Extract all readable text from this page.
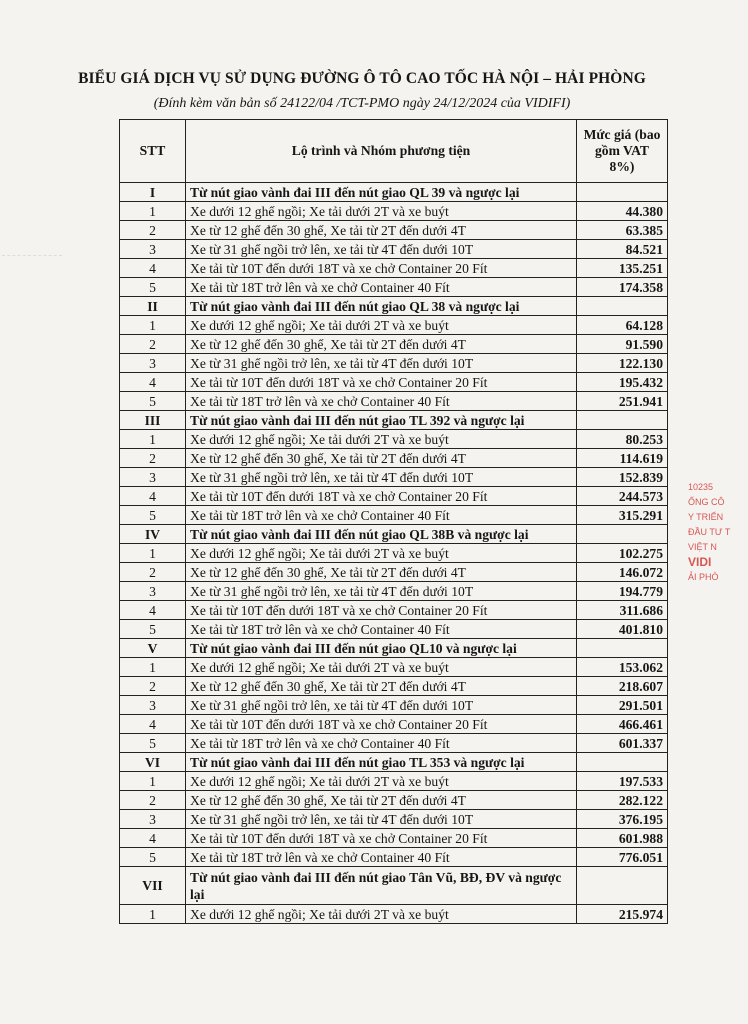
BIỂU GIÁ DỊCH VỤ SỬ DỤNG ĐƯỜNG Ô TÔ CAO TỐC HÀ NỘI – HẢI PHÒNG
(Đính kèm văn bản số 24122/04 /TCT-PMO ngày 24/12/2024 của VIDIFI)
STT	Lộ trình và Nhóm phương tiện	Mức giá (bao gồm VAT 8%)
I	Từ nút giao vành đai III đến nút giao QL 39 và ngược lại	
1	Xe dưới 12 ghế ngồi; Xe tải dưới 2T và xe buýt	44.380
2	Xe từ 12 ghế đến 30 ghế, Xe tải từ 2T đến dưới 4T	63.385
3	Xe từ 31 ghế ngồi trở lên, xe tải từ 4T đến dưới 10T	84.521
4	Xe tải từ 10T đến dưới 18T và xe chở Container 20 Fít	135.251
5	Xe tải từ 18T trở lên và xe chở Container 40 Fít	174.358
II	Từ nút giao vành đai III đến nút giao QL 38 và ngược lại	
1	Xe dưới 12 ghế ngồi; Xe tải dưới 2T và xe buýt	64.128
2	Xe từ 12 ghế đến 30 ghế, Xe tải từ 2T đến dưới 4T	91.590
3	Xe từ 31 ghế ngồi trở lên, xe tải từ 4T đến dưới 10T	122.130
4	Xe tải từ 10T đến dưới 18T và xe chở Container 20 Fít	195.432
5	Xe tải từ 18T trở lên và xe chở Container 40 Fít	251.941
III	Từ nút giao vành đai III đến nút giao TL 392 và ngược lại	
1	Xe dưới 12 ghế ngồi; Xe tải dưới 2T và xe buýt	80.253
2	Xe từ 12 ghế đến 30 ghế, Xe tải từ 2T đến dưới 4T	114.619
3	Xe từ 31 ghế ngồi trở lên, xe tải từ 4T đến dưới 10T	152.839
4	Xe tải từ 10T đến dưới 18T và xe chở Container 20 Fít	244.573
5	Xe tải từ 18T trở lên và xe chở Container 40 Fít	315.291
IV	Từ nút giao vành đai III đến nút giao QL 38B và ngược lại	
1	Xe dưới 12 ghế ngồi; Xe tải dưới 2T và xe buýt	102.275
2	Xe từ 12 ghế đến 30 ghế, Xe tải từ 2T đến dưới 4T	146.072
3	Xe từ 31 ghế ngồi trở lên, xe tải từ 4T đến dưới 10T	194.779
4	Xe tải từ 10T đến dưới 18T và xe chở Container 20 Fít	311.686
5	Xe tải từ 18T trở lên và xe chở Container 40 Fít	401.810
V	Từ nút giao vành đai III đến nút giao QL10 và ngược lại	
1	Xe dưới 12 ghế ngồi; Xe tải dưới 2T và xe buýt	153.062
2	Xe từ 12 ghế đến 30 ghế, Xe tải từ 2T đến dưới 4T	218.607
3	Xe từ 31 ghế ngồi trở lên, xe tải từ 4T đến dưới 10T	291.501
4	Xe tải từ 10T đến dưới 18T và xe chở Container 20 Fít	466.461
5	Xe tải từ 18T trở lên và xe chở Container 40 Fít	601.337
VI	Từ nút giao vành đai III đến nút giao TL 353 và ngược lại	
1	Xe dưới 12 ghế ngồi; Xe tải dưới 2T và xe buýt	197.533
2	Xe từ 12 ghế đến 30 ghế, Xe tải từ 2T đến dưới 4T	282.122
3	Xe từ 31 ghế ngồi trở lên, xe tải từ 4T đến dưới 10T	376.195
4	Xe tải từ 10T đến dưới 18T và xe chở Container 20 Fít	601.988
5	Xe tải từ 18T trở lên và xe chở Container 40 Fít	776.051
VII	Từ nút giao vành đai III đến nút giao Tân Vũ, BĐ, ĐV và ngược lại	
1	Xe dưới 12 ghế ngồi; Xe tải dưới 2T và xe buýt	215.974
10235
ỐNG CÔ
Y TRIỂN
ĐẦU TƯ T
VIỆT N
VIDI
ẢI PHÒ
